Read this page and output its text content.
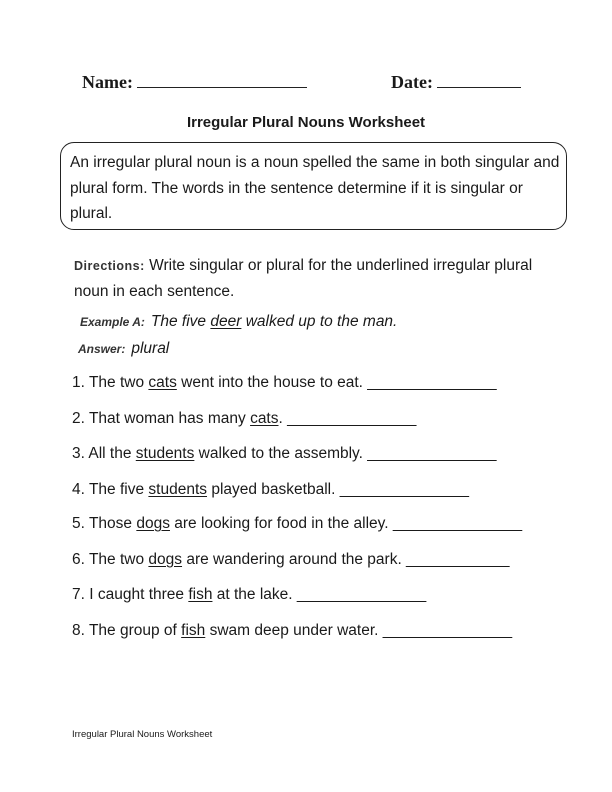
Name:	Date:
Irregular Plural Nouns Worksheet
An irregular plural noun is a noun spelled the same in both singular and plural form. The words in the sentence determine if it is singular or plural.
Directions: Write singular or plural for the underlined irregular plural noun in each sentence.
Example A: The five deer walked up to the man.
Answer: plural
1. The two cats went into the house to eat. _______________
2. That woman has many cats. _______________
3. All the students walked to the assembly. _______________
4. The five students played basketball. _______________
5. Those dogs are looking for food in the alley. _______________
6. The two dogs are wandering around the park. ____________
7. I caught three fish at the lake. _______________
8. The group of fish swam deep under water. _______________
Irregular Plural Nouns Worksheet
